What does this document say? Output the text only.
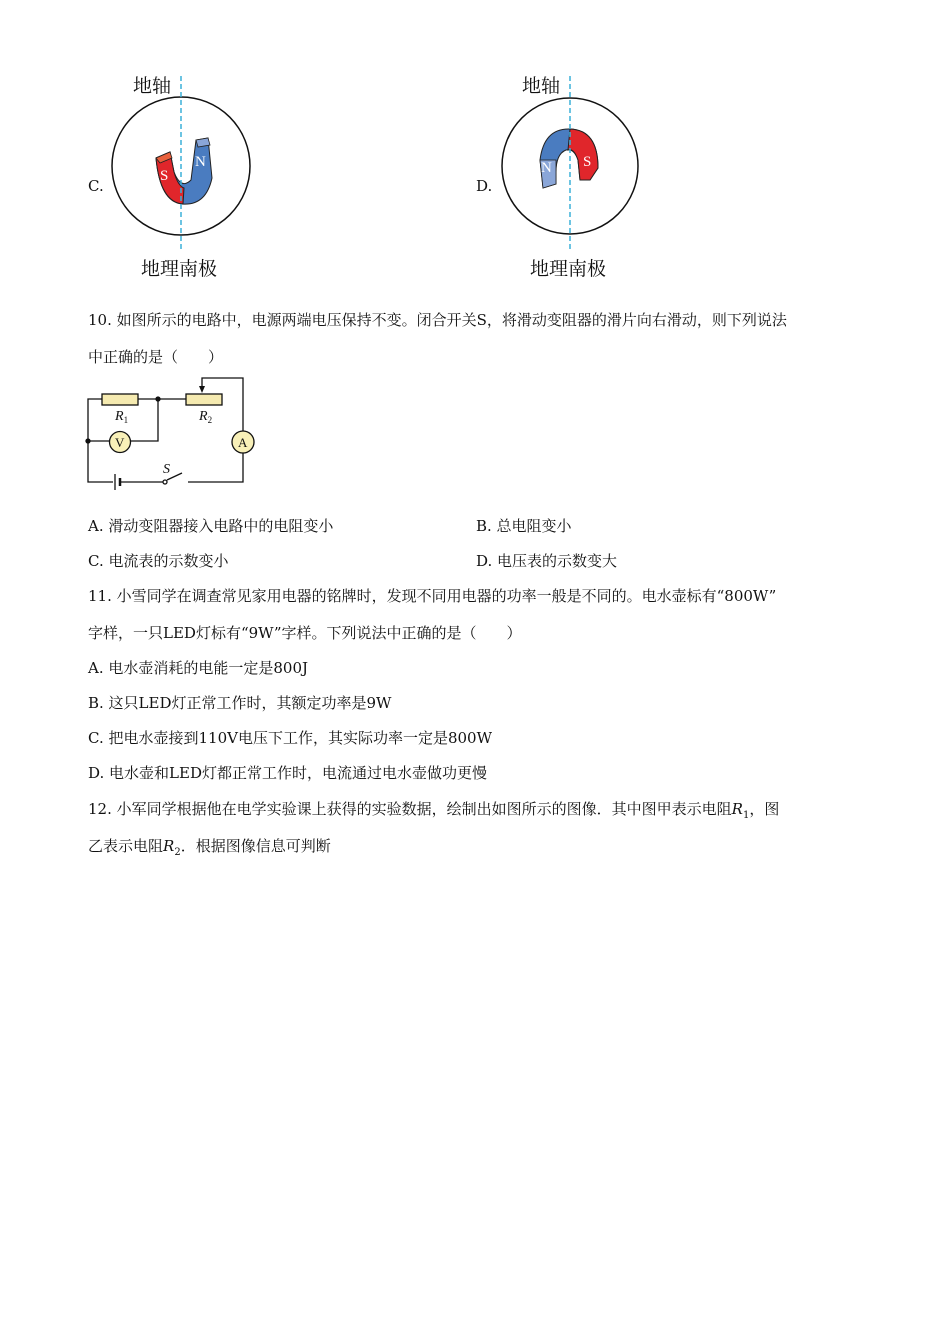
S
N	N S
$R_1$	$R_2$
V	A
S
地轴
地理南极
C.
地轴
地理南极
D.
10. 如图所示的电路中，电源两端电压保持不变。闭合开关S，将滑动变阻器的滑片向右滑动，则下列说法
中正确的是（　　）
A. 滑动变阻器接入电路中的电阻变小	B. 总电阻变小
C. 电流表的示数变小	D. 电压表的示数变大
11. 小雪同学在调查常见家用电器的铭牌时，发现不同用电器的功率一般是不同的。电水壶标有“800W”
字样，一只LED灯标有“9W”字样。下列说法中正确的是（　　）
A. 电水壶消耗的电能一定是800J
B. 这只LED灯正常工作时，其额定功率是9W
C. 把电水壶接到110V电压下工作，其实际功率一定是800W
D. 电水壶和LED灯都正常工作时，电流通过电水壶做功更慢
12. 小军同学根据他在电学实验课上获得的实验数据，绘制出如图所示的图像．其中图甲表示电阻$R_1$，图
乙表示电阻$R_2$．根据图像信息可判断
